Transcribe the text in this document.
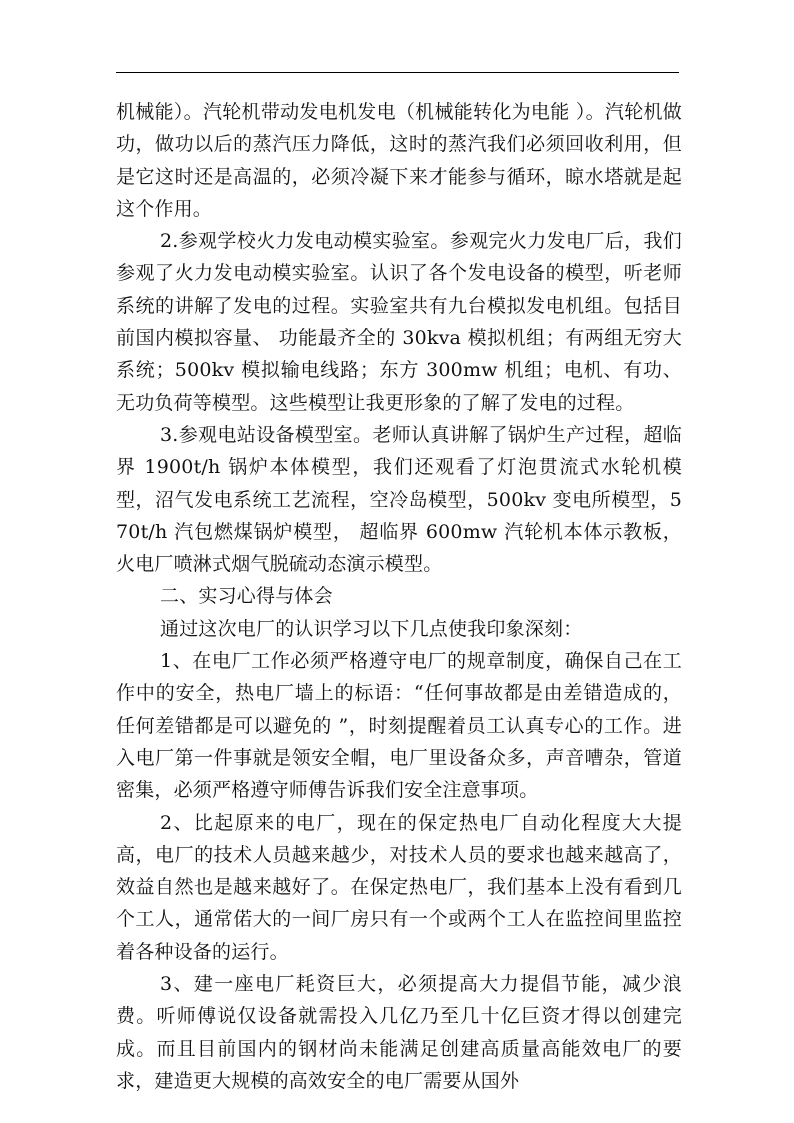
机械能）。汽轮机带动发电机发电（机械能转化为电能 ）。汽轮机做功，做功以后的蒸汽压力降低，这时的蒸汽我们必须回收利用，但是它这时还是高温的，必须冷凝下来才能参与循环，晾水塔就是起这个作用。

2.参观学校火力发电动模实验室。参观完火力发电厂后，我们参观了火力发电动模实验室。认识了各个发电设备的模型，听老师系统的讲解了发电的过程。实验室共有九台模拟发电机组。包括目前国内模拟容量、 功能最齐全的 30kva 模拟机组；有两组无穷大系统；500kv 模拟输电线路；东方 300mw 机组；电机、有功、无功负荷等模型。这些模型让我更形象的了解了发电的过程。

3.参观电站设备模型室。老师认真讲解了锅炉生产过程，超临界 1900t/h 锅炉本体模型，我们还观看了灯泡贯流式水轮机模型，沼气发电系统工艺流程，空冷岛模型，500kv 变电所模型，570t/h 汽包燃煤锅炉模型， 超临界 600mw 汽轮机本体示教板，火电厂喷淋式烟气脱硫动态演示模型。

二、实习心得与体会

通过这次电厂的认识学习以下几点使我印象深刻：

1、在电厂工作必须严格遵守电厂的规章制度，确保自己在工作中的安全，热电厂墙上的标语：“任何事故都是由差错造成的，任何差错都是可以避免的 ”，时刻提醒着员工认真专心的工作。进入电厂第一件事就是领安全帽，电厂里设备众多，声音嘈杂，管道密集，必须严格遵守师傅告诉我们安全注意事项。

2、比起原来的电厂，现在的保定热电厂自动化程度大大提高，电厂的技术人员越来越少，对技术人员的要求也越来越高了，效益自然也是越来越好了。在保定热电厂，我们基本上没有看到几个工人，通常偌大的一间厂房只有一个或两个工人在监控间里监控着各种设备的运行。

3、建一座电厂耗资巨大，必须提高大力提倡节能，减少浪费。听师傅说仅设备就需投入几亿乃至几十亿巨资才得以创建完成。而且目前国内的钢材尚未能满足创建高质量高能效电厂的要求，建造更大规模的高效安全的电厂需要从国外
